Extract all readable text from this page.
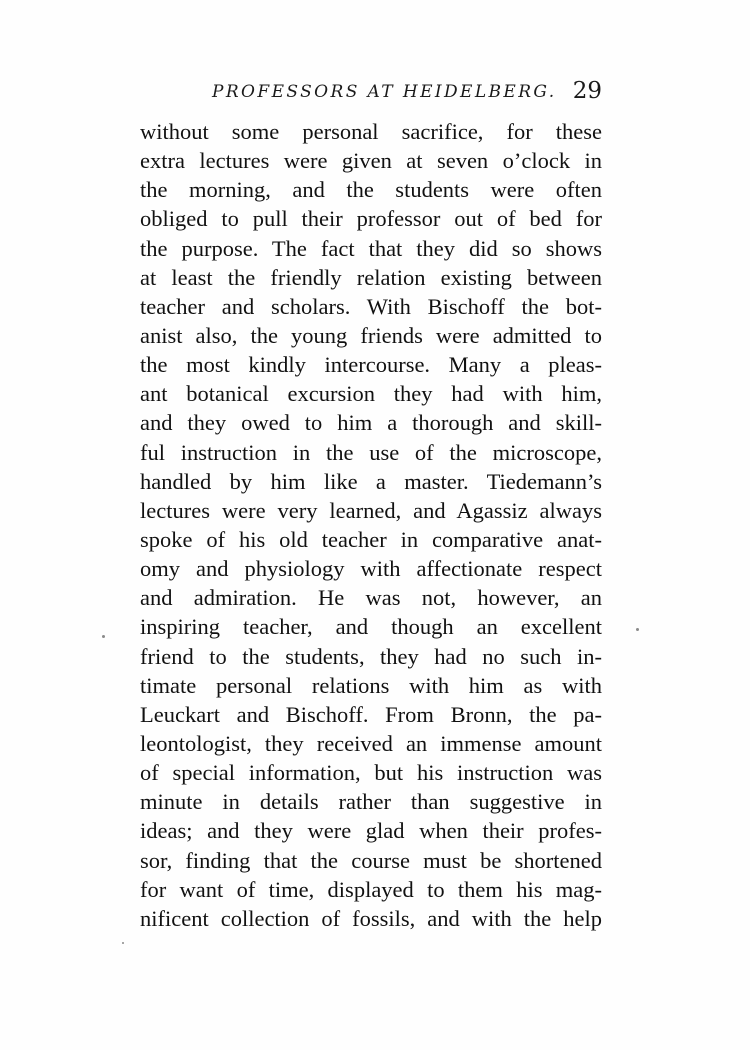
PROFESSORS AT HEIDELBERG. 29
without some personal sacrifice, for these
extra lectures were given at seven o’clock in
the morning, and the students were often
obliged to pull their professor out of bed for
the purpose. The fact that they did so shows
at least the friendly relation existing between
teacher and scholars. With Bischoff the bot-
anist also, the young friends were admitted to
the most kindly intercourse. Many a pleas-
ant botanical excursion they had with him,
and they owed to him a thorough and skill-
ful instruction in the use of the microscope,
handled by him like a master. Tiedemann’s
lectures were very learned, and Agassiz always
spoke of his old teacher in comparative anat-
omy and physiology with affectionate respect
and admiration. He was not, however, an
inspiring teacher, and though an excellent
friend to the students, they had no such in-
timate personal relations with him as with
Leuckart and Bischoff. From Bronn, the pa-
leontologist, they received an immense amount
of special information, but his instruction was
minute in details rather than suggestive in
ideas; and they were glad when their profes-
sor, finding that the course must be shortened
for want of time, displayed to them his mag-
nificent collection of fossils, and with the help
